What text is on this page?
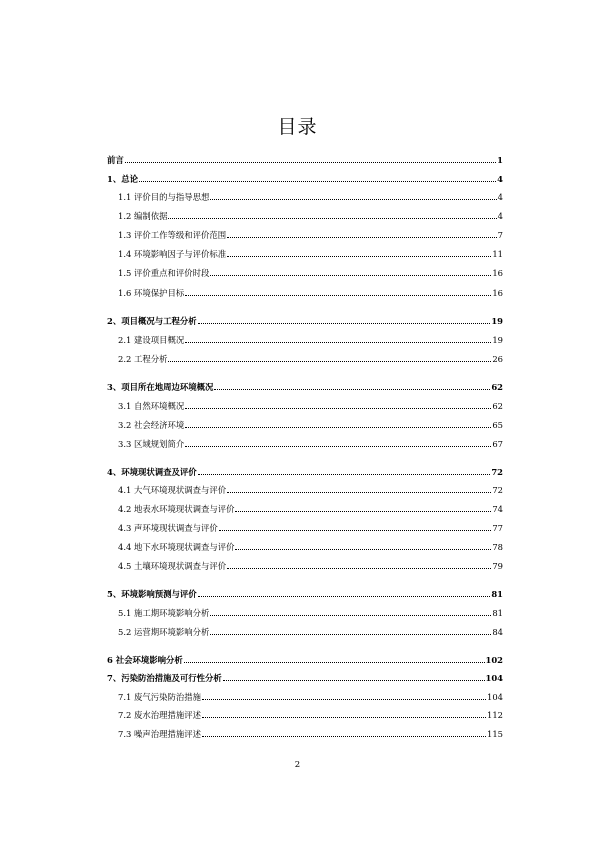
目录
前言	1
1、总论	4
1.1 评价目的与指导思想	4
1.2 编制依据	4
1.3 评价工作等级和评价范围	7
1.4 环境影响因子与评价标准	11
1.5 评价重点和评价时段	16
1.6 环境保护目标	16
2、项目概况与工程分析	19
2.1 建设项目概况	19
2.2 工程分析	26
3、项目所在地周边环境概况	62
3.1 自然环境概况	62
3.2 社会经济环境	65
3.3 区域规划简介	67
4、环境现状调查及评价	72
4.1 大气环境现状调查与评价	72
4.2 地表水环境现状调查与评价	74
4.3 声环境现状调查与评价	77
4.4 地下水环境现状调查与评价	78
4.5 土壤环境现状调查与评价	79
5、环境影响预测与评价	81
5.1 施工期环境影响分析	81
5.2 运营期环境影响分析	84
6 社会环境影响分析	102
7、污染防治措施及可行性分析	104
7.1 废气污染防治措施	104
7.2 废水治理措施评述	112
7.3 噪声治理措施评述	115
2
